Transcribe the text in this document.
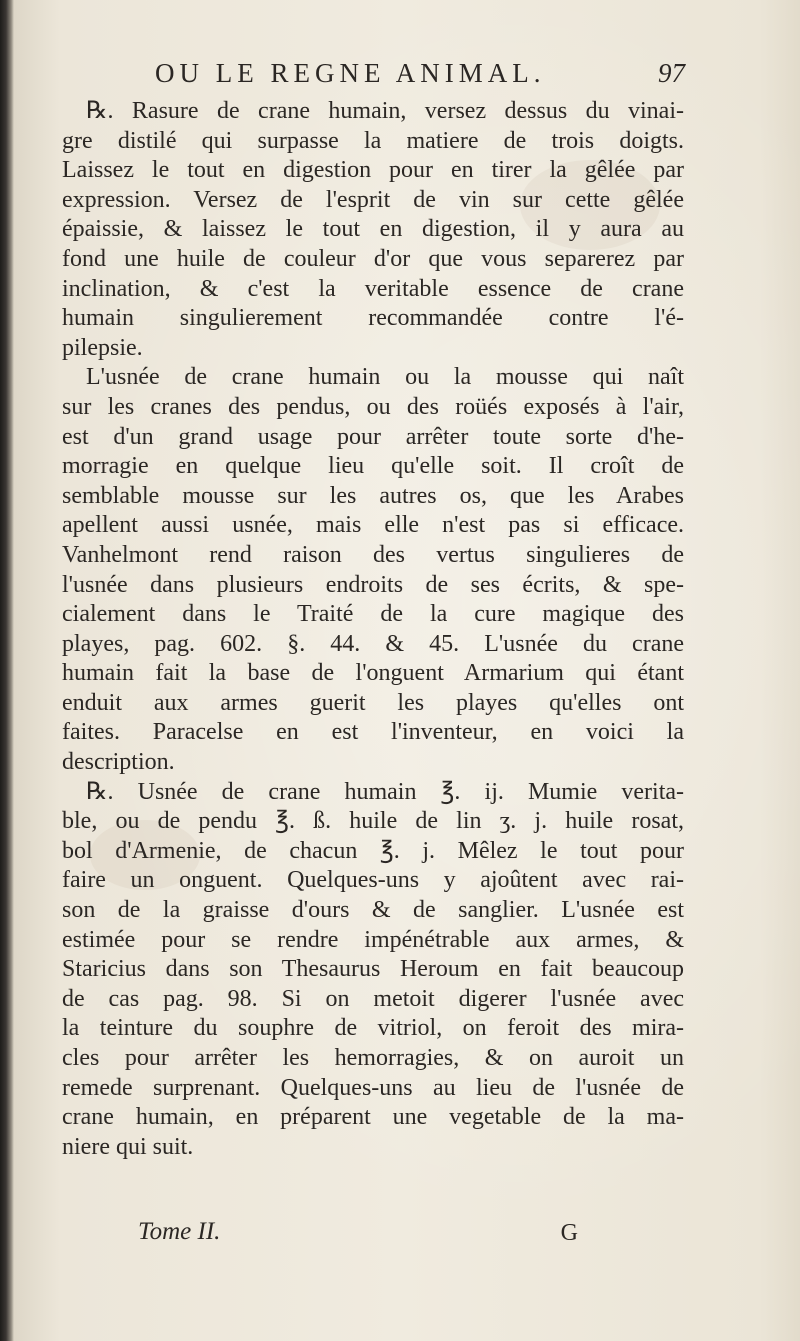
OU LE REGNE ANIMAL.	97
℞. Rasure de crane humain, versez dessus du vinai-
gre distilé qui surpasse la matiere de trois doigts.
Laissez le tout en digestion pour en tirer la gêlée par
expression. Versez de l'esprit de vin sur cette gêlée
épaissie, & laissez le tout en digestion, il y aura au
fond une huile de couleur d'or que vous separerez par
inclination, & c'est la veritable essence de crane
humain singulierement recommandée contre l'é-
pilepsie.
L'usnée de crane humain ou la mousse qui naît
sur les cranes des pendus, ou des roüés exposés à l'air,
est d'un grand usage pour arrêter toute sorte d'he-
morragie en quelque lieu qu'elle soit. Il croît de
semblable mousse sur les autres os, que les Arabes
apellent aussi usnée, mais elle n'est pas si efficace.
Vanhelmont rend raison des vertus singulieres de
l'usnée dans plusieurs endroits de ses écrits, & spe-
cialement dans le Traité de la cure magique des
playes, pag. 602. §. 44. & 45. L'usnée du crane
humain fait la base de l'onguent Armarium qui étant
enduit aux armes guerit les playes qu'elles ont
faites. Paracelse en est l'inventeur, en voici la
description.
℞. Usnée de crane humain ℥. ij. Mumie verita-
ble, ou de pendu ℥. ß. huile de lin ʒ. j. huile rosat,
bol d'Armenie, de chacun ℥. j. Mêlez le tout pour
faire un onguent. Quelques-uns y ajoûtent avec rai-
son de la graisse d'ours & de sanglier. L'usnée est
estimée pour se rendre impénétrable aux armes, &
Staricius dans son Thesaurus Heroum en fait beaucoup
de cas pag. 98. Si on metoit digerer l'usnée avec
la teinture du souphre de vitriol, on feroit des mira-
cles pour arrêter les hemorragies, & on auroit un
remede surprenant. Quelques-uns au lieu de l'usnée de
crane humain, en préparent une vegetable de la ma-
niere qui suit.
Tome II.	G
